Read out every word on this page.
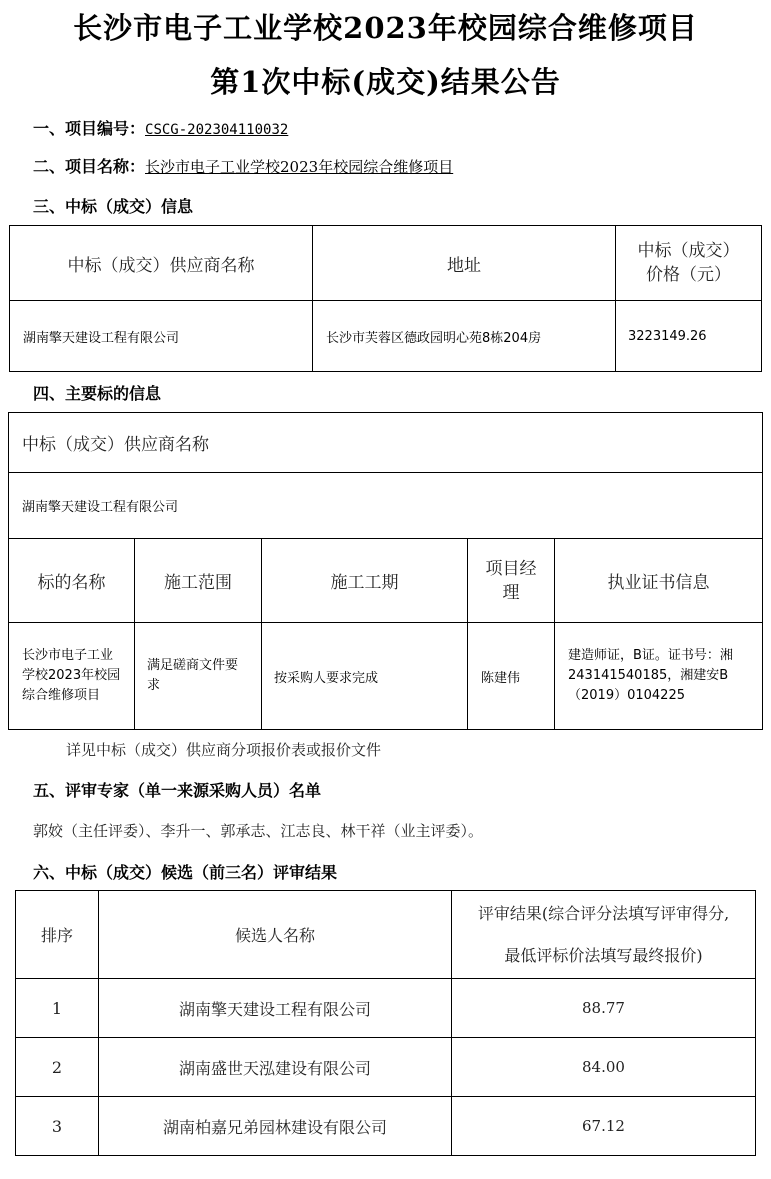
长沙市电子工业学校2023年校园综合维修项目
第1次中标(成交)结果公告
一、项目编号：CSCG-202304110032
二、项目名称：长沙市电子工业学校2023年校园综合维修项目
三、中标（成交）信息
中标（成交）供应商名称	地址	中标（成交）
价格（元）

湖南擎天建设工程有限公司	长沙市芙蓉区德政园明心苑8栋204房	3223149.26
四、主要标的信息
中标（成交）供应商名称				
湖南擎天建设工程有限公司				
标的名称	施工范围	施工工期	项目经理	执业证书信息
长沙市电子工业学校2023年校园综合维修项目	满足磋商文件要求	按采购人要求完成	陈建伟	建造师证，B证。证书号：湘243141540185，湘建安B（2019）0104225
详见中标（成交）供应商分项报价表或报价文件
五、评审专家（单一来源采购人员）名单
郭姣（主任评委）、李升一、郭承志、江志良、林干祥（业主评委）。
六、中标（成交）候选（前三名）评审结果
排序	候选人名称	评审结果(综合评分法填写评审得分,
最低评标价法填写最终报价)

1	湖南擎天建设工程有限公司	88.77
2	湖南盛世天泓建设有限公司	84.00
3	湖南柏嘉兄弟园林建设有限公司	67.12
